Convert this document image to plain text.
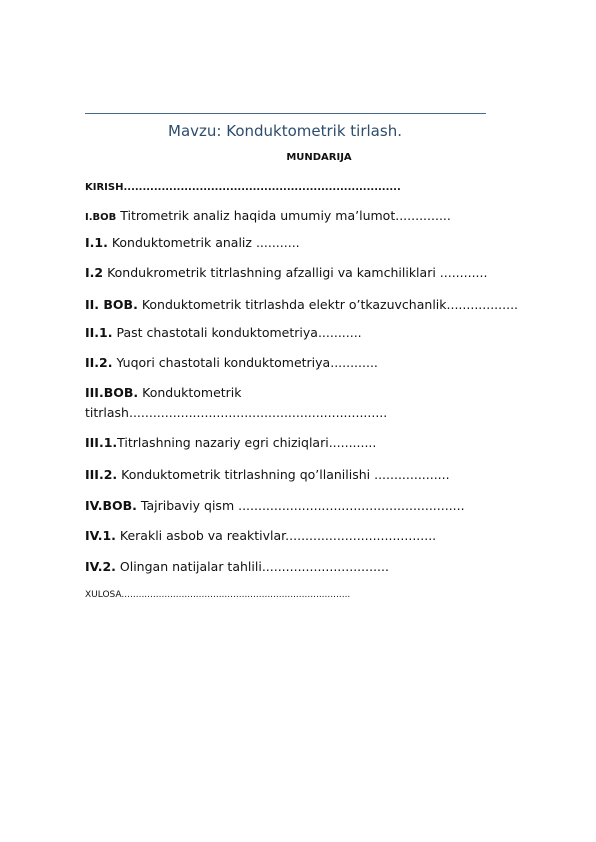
Mavzu: Konduktometrik tirlash.
MUNDARIJA
KIRISH.........................................................................
I.BOB Titrometrik analiz haqida umumiy ma’lumot..............
I.1. Konduktometrik analiz ...........
I.2 Kondukrometrik titrlashning afzalligi va kamchiliklari ............
II. BOB. Konduktometrik titrlashda elektr o’tkazuvchanlik..................
II.1. Past chastotali konduktometriya...........
II.2. Yuqori chastotali konduktometriya............
III.BOB. Konduktometrik
titrlash.................................................................
III.1.Titrlashning nazariy egri chiziqlari............
III.2. Konduktometrik titrlashning qo’llanilishi ...................
IV.BOB. Tajribaviy qism .........................................................
IV.1. Kerakli asbob va reaktivlar......................................
IV.2. Olingan natijalar tahlili................................
XULOSA................................................................................
